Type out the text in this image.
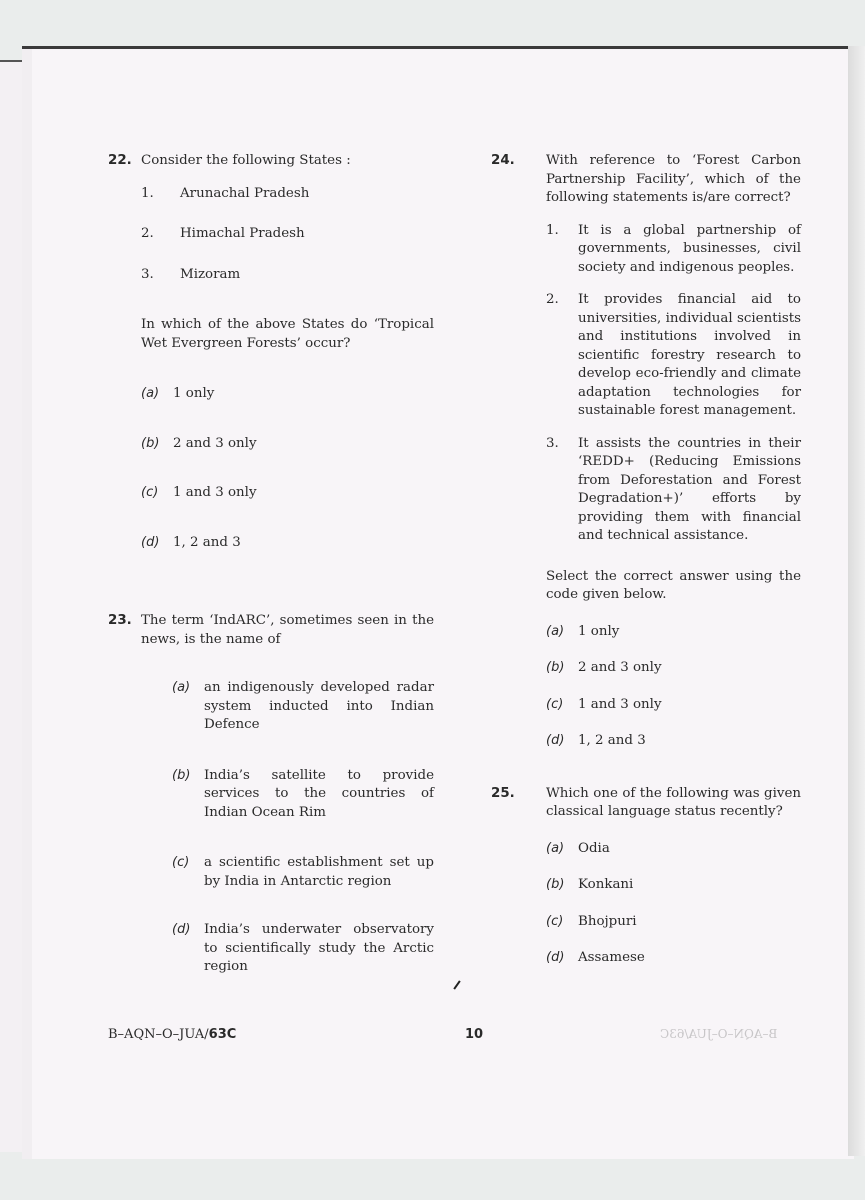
22. Consider the following States :
1. Arunachal Pradesh
2. Himachal Pradesh
3. Mizoram
In which of the above States do ‘Tropical Wet Evergreen Forests’ occur?
(a) 1 only
(b) 2 and 3 only
(c) 1 and 3 only
(d) 1, 2 and 3
23. The term ‘IndARC’, sometimes seen in the news, is the name of
(a) an indigenously developed radar system inducted into Indian Defence
(b) India’s satellite to provide services to the countries of Indian Ocean Rim
(c) a scientific establishment set up by India in Antarctic region
(d) India’s underwater observatory to scientifically study the Arctic region
24. With reference to ‘Forest Carbon Partnership Facility’, which of the following statements is/are correct?
1. It is a global partnership of governments, businesses, civil society and indigenous peoples.
2. It provides financial aid to universities, individual scientists and institutions involved in scientific forestry research to develop eco-friendly and climate adaptation technologies for sustainable forest management.
3. It assists the countries in their ‘REDD+ (Reducing Emissions from Deforestation and Forest Degradation+)’ efforts by providing them with financial and technical assistance.
Select the correct answer using the code given below.
(a) 1 only
(b) 2 and 3 only
(c) 1 and 3 only
(d) 1, 2 and 3
25. Which one of the following was given classical language status recently?
(a) Odia
(b) Konkani
(c) Bhojpuri
(d) Assamese
B–AQN–O–JUA/63C	10	B–AQN–O–JUA/63C
